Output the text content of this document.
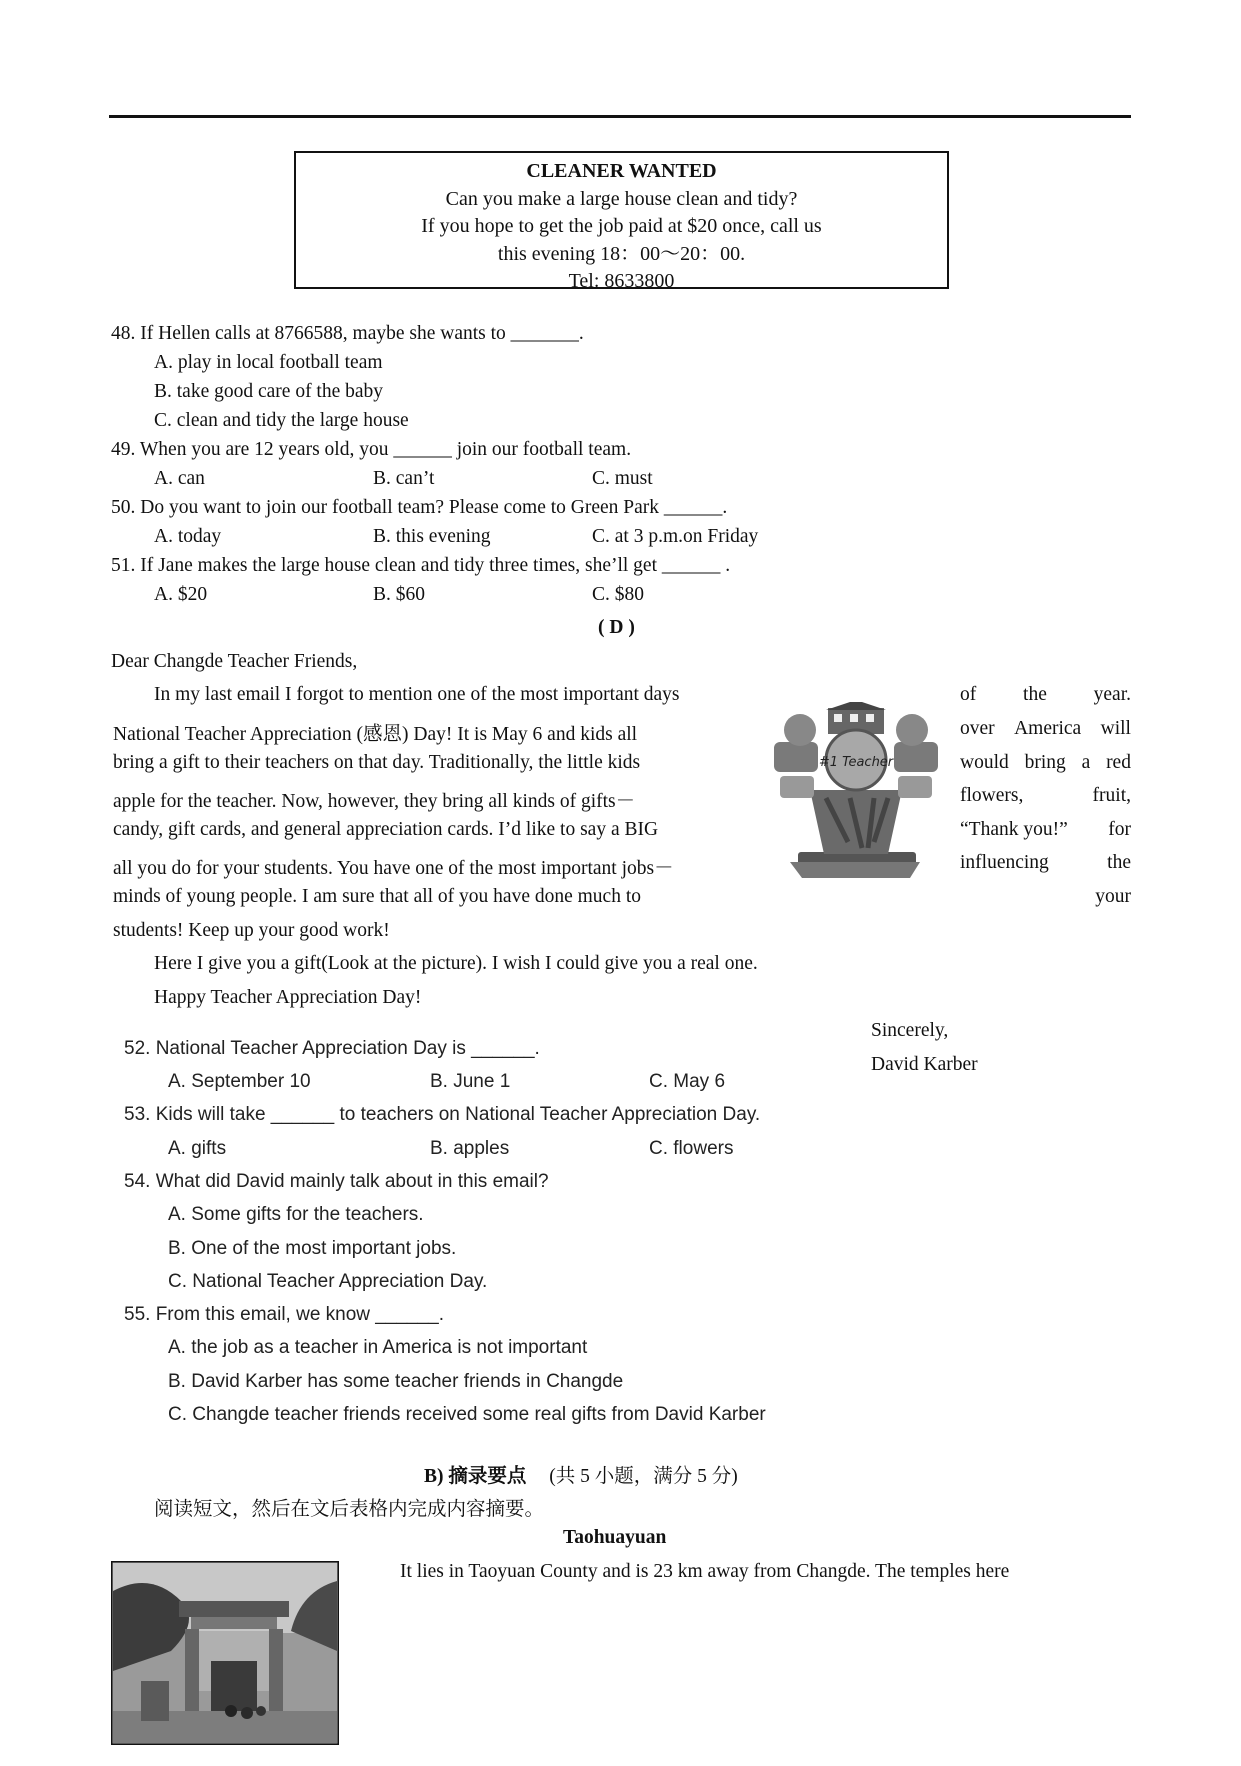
CLEANER WANTED
Can you make a large house clean and tidy?
If you hope to get the job paid at $20 once, call us
this evening 18：00～20：00.
Tel: 8633800
48. If Hellen calls at 8766588, maybe she wants to _______.
A. play in local football team
B. take good care of the baby
C. clean and tidy the large house
49. When you are 12 years old, you ______ join our football team.
A. can	B. can’t	C. must
50. Do you want to join our football team? Please come to Green Park ______.
A. today	B. this evening	C. at 3 p.m.on Friday
51. If Jane makes the large house clean and tidy three times, she’ll get ______ .
A. $20	B. $60	C. $80
( D )
Dear Changde Teacher Friends,
In my last email I forgot to mention one of the most important days
National Teacher Appreciation (感恩) Day! It is May 6 and kids all
bring a gift to their teachers on that day. Traditionally, the little kids
apple for the teacher. Now, however, they bring all kinds of gifts－
candy, gift cards, and general appreciation cards. I’d like to say a BIG
all you do for your students. You have one of the most important jobs－
minds of young people. I am sure that all of you have done much to
students! Keep up your good work!
of the year.
over America will
would bring a red
flowers,	fruit,
“Thank you!” for
influencing	the
your
#1 Teacher
Here I give you a gift(Look at the picture). I wish I could give you a real one.
Happy Teacher Appreciation Day!
Sincerely,
David Karber
52. National Teacher Appreciation Day is ______.
A. September 10	B. June 1	C. May 6
53. Kids will take ______ to teachers on National Teacher Appreciation Day.
A. gifts	B. apples	C. flowers
54. What did David mainly talk about in this email?
A. Some gifts for the teachers.
B. One of the most important jobs.
C. National Teacher Appreciation Day.
55. From this email, we know ______.
A. the job as a teacher in America is not important
B. David Karber has some teacher friends in Changde
C. Changde teacher friends received some real gifts from David Karber
B) 摘录要点 (共 5 小题，满分 5 分)
阅读短文，然后在文后表格内完成内容摘要。
Taohuayuan
It lies in Taoyuan County and is 23 km away from Changde. The temples here
